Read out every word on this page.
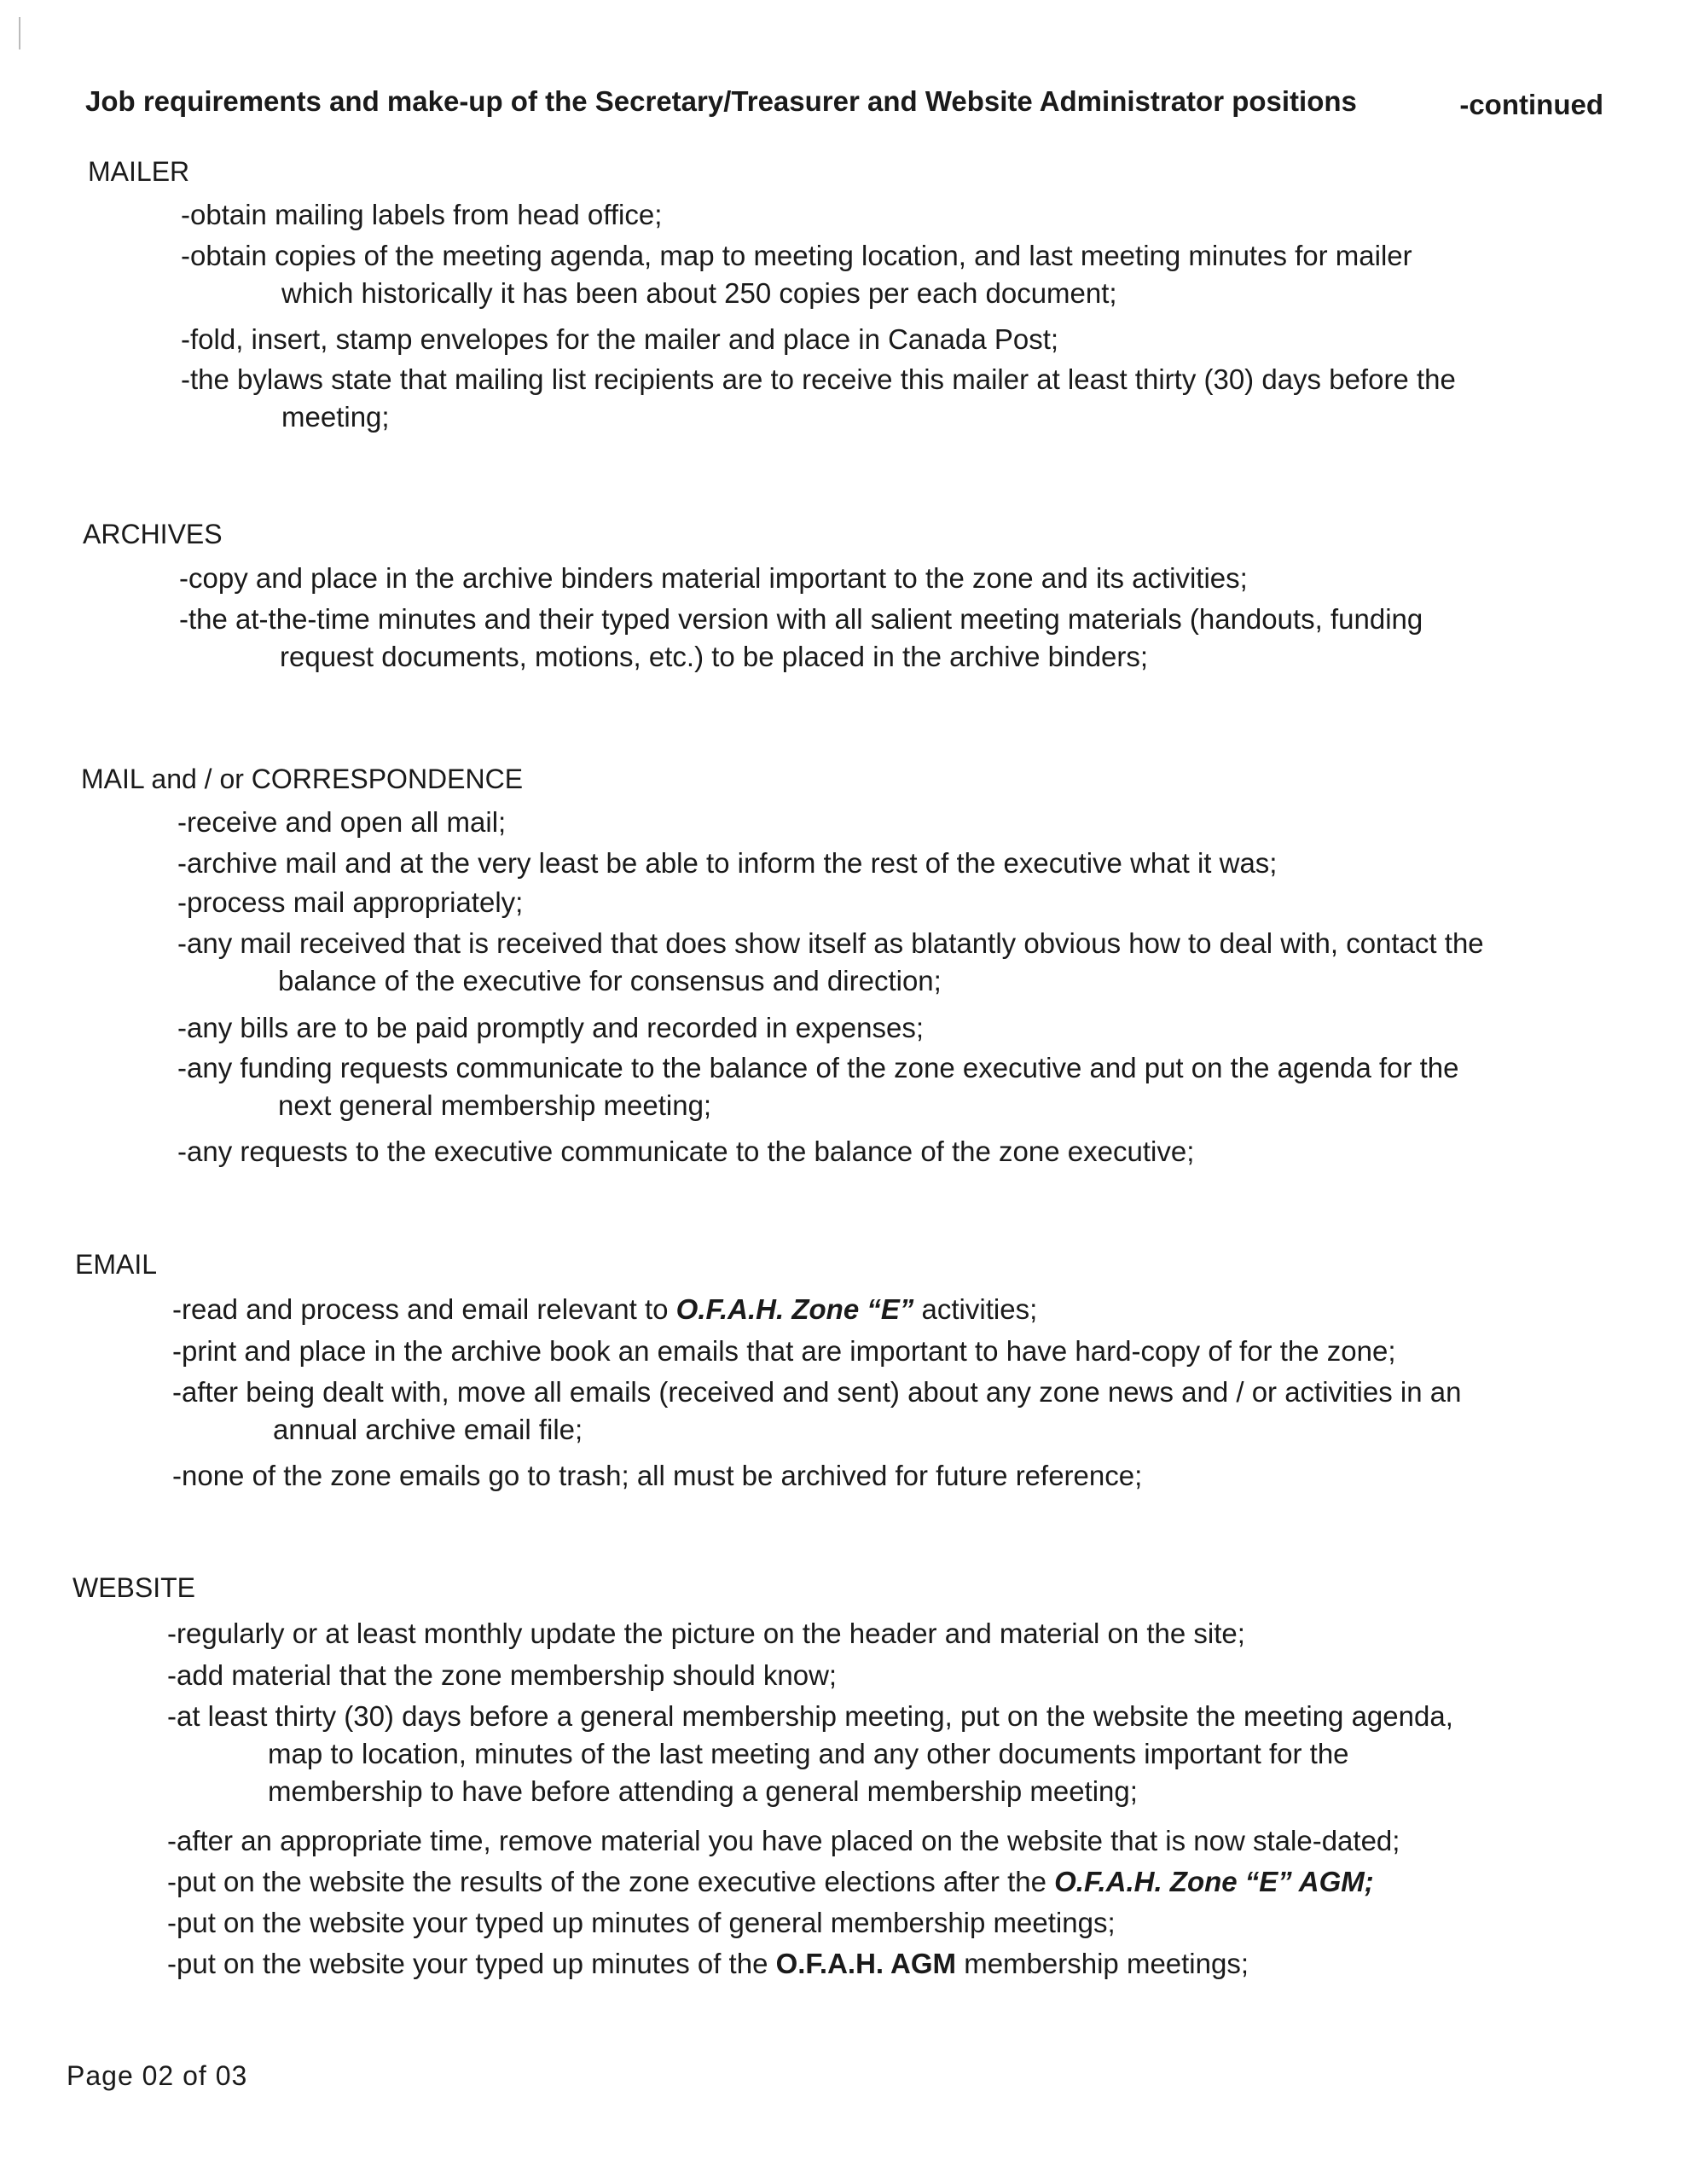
Job requirements and make-up of the Secretary/Treasurer and Website Administrator positions	-continued
MAILER
-obtain mailing labels from head office;
-obtain copies of the meeting agenda, map to meeting location, and last meeting minutes for mailer
which historically it has been about 250 copies per each document;
-fold, insert, stamp envelopes for the mailer and place in Canada Post;
-the bylaws state that mailing list recipients are to receive this mailer at least thirty (30) days before the
meeting;
ARCHIVES
-copy and place in the archive binders material important to the zone and its activities;
-the at-the-time minutes and their typed version with all salient meeting materials (handouts, funding
request documents, motions, etc.) to be placed in the archive binders;
MAIL and / or CORRESPONDENCE
-receive and open all mail;
-archive mail and at the very least be able to inform the rest of the executive what it was;
-process mail appropriately;
-any mail received that is received that does show itself as blatantly obvious how to deal with, contact the
balance of the executive for consensus and direction;
-any bills are to be paid promptly and recorded in expenses;
-any funding requests communicate to the balance of the zone executive and put on the agenda for the
next general membership meeting;
-any requests to the executive communicate to the balance of the zone executive;
EMAIL
-read and process and email relevant to O.F.A.H. Zone “E” activities;
-print and place in the archive book an emails that are important to have hard-copy of for the zone;
-after being dealt with, move all emails (received and sent) about any zone news and / or activities in an
annual archive email file;
-none of the zone emails go to trash; all must be archived for future reference;
WEBSITE
-regularly or at least monthly update the picture on the header and material on the site;
-add material that the zone membership should know;
-at least thirty (30) days before a general membership meeting, put on the website the meeting agenda,
map to location, minutes of the last meeting and any other documents important for the
membership to have before attending a general membership meeting;
-after an appropriate time, remove material you have placed on the website that is now stale-dated;
-put on the website the results of the zone executive elections after the O.F.A.H. Zone “E” AGM;
-put on the website your typed up minutes of general membership meetings;
-put on the website your typed up minutes of the O.F.A.H. AGM membership meetings;
Page 02 of 03
